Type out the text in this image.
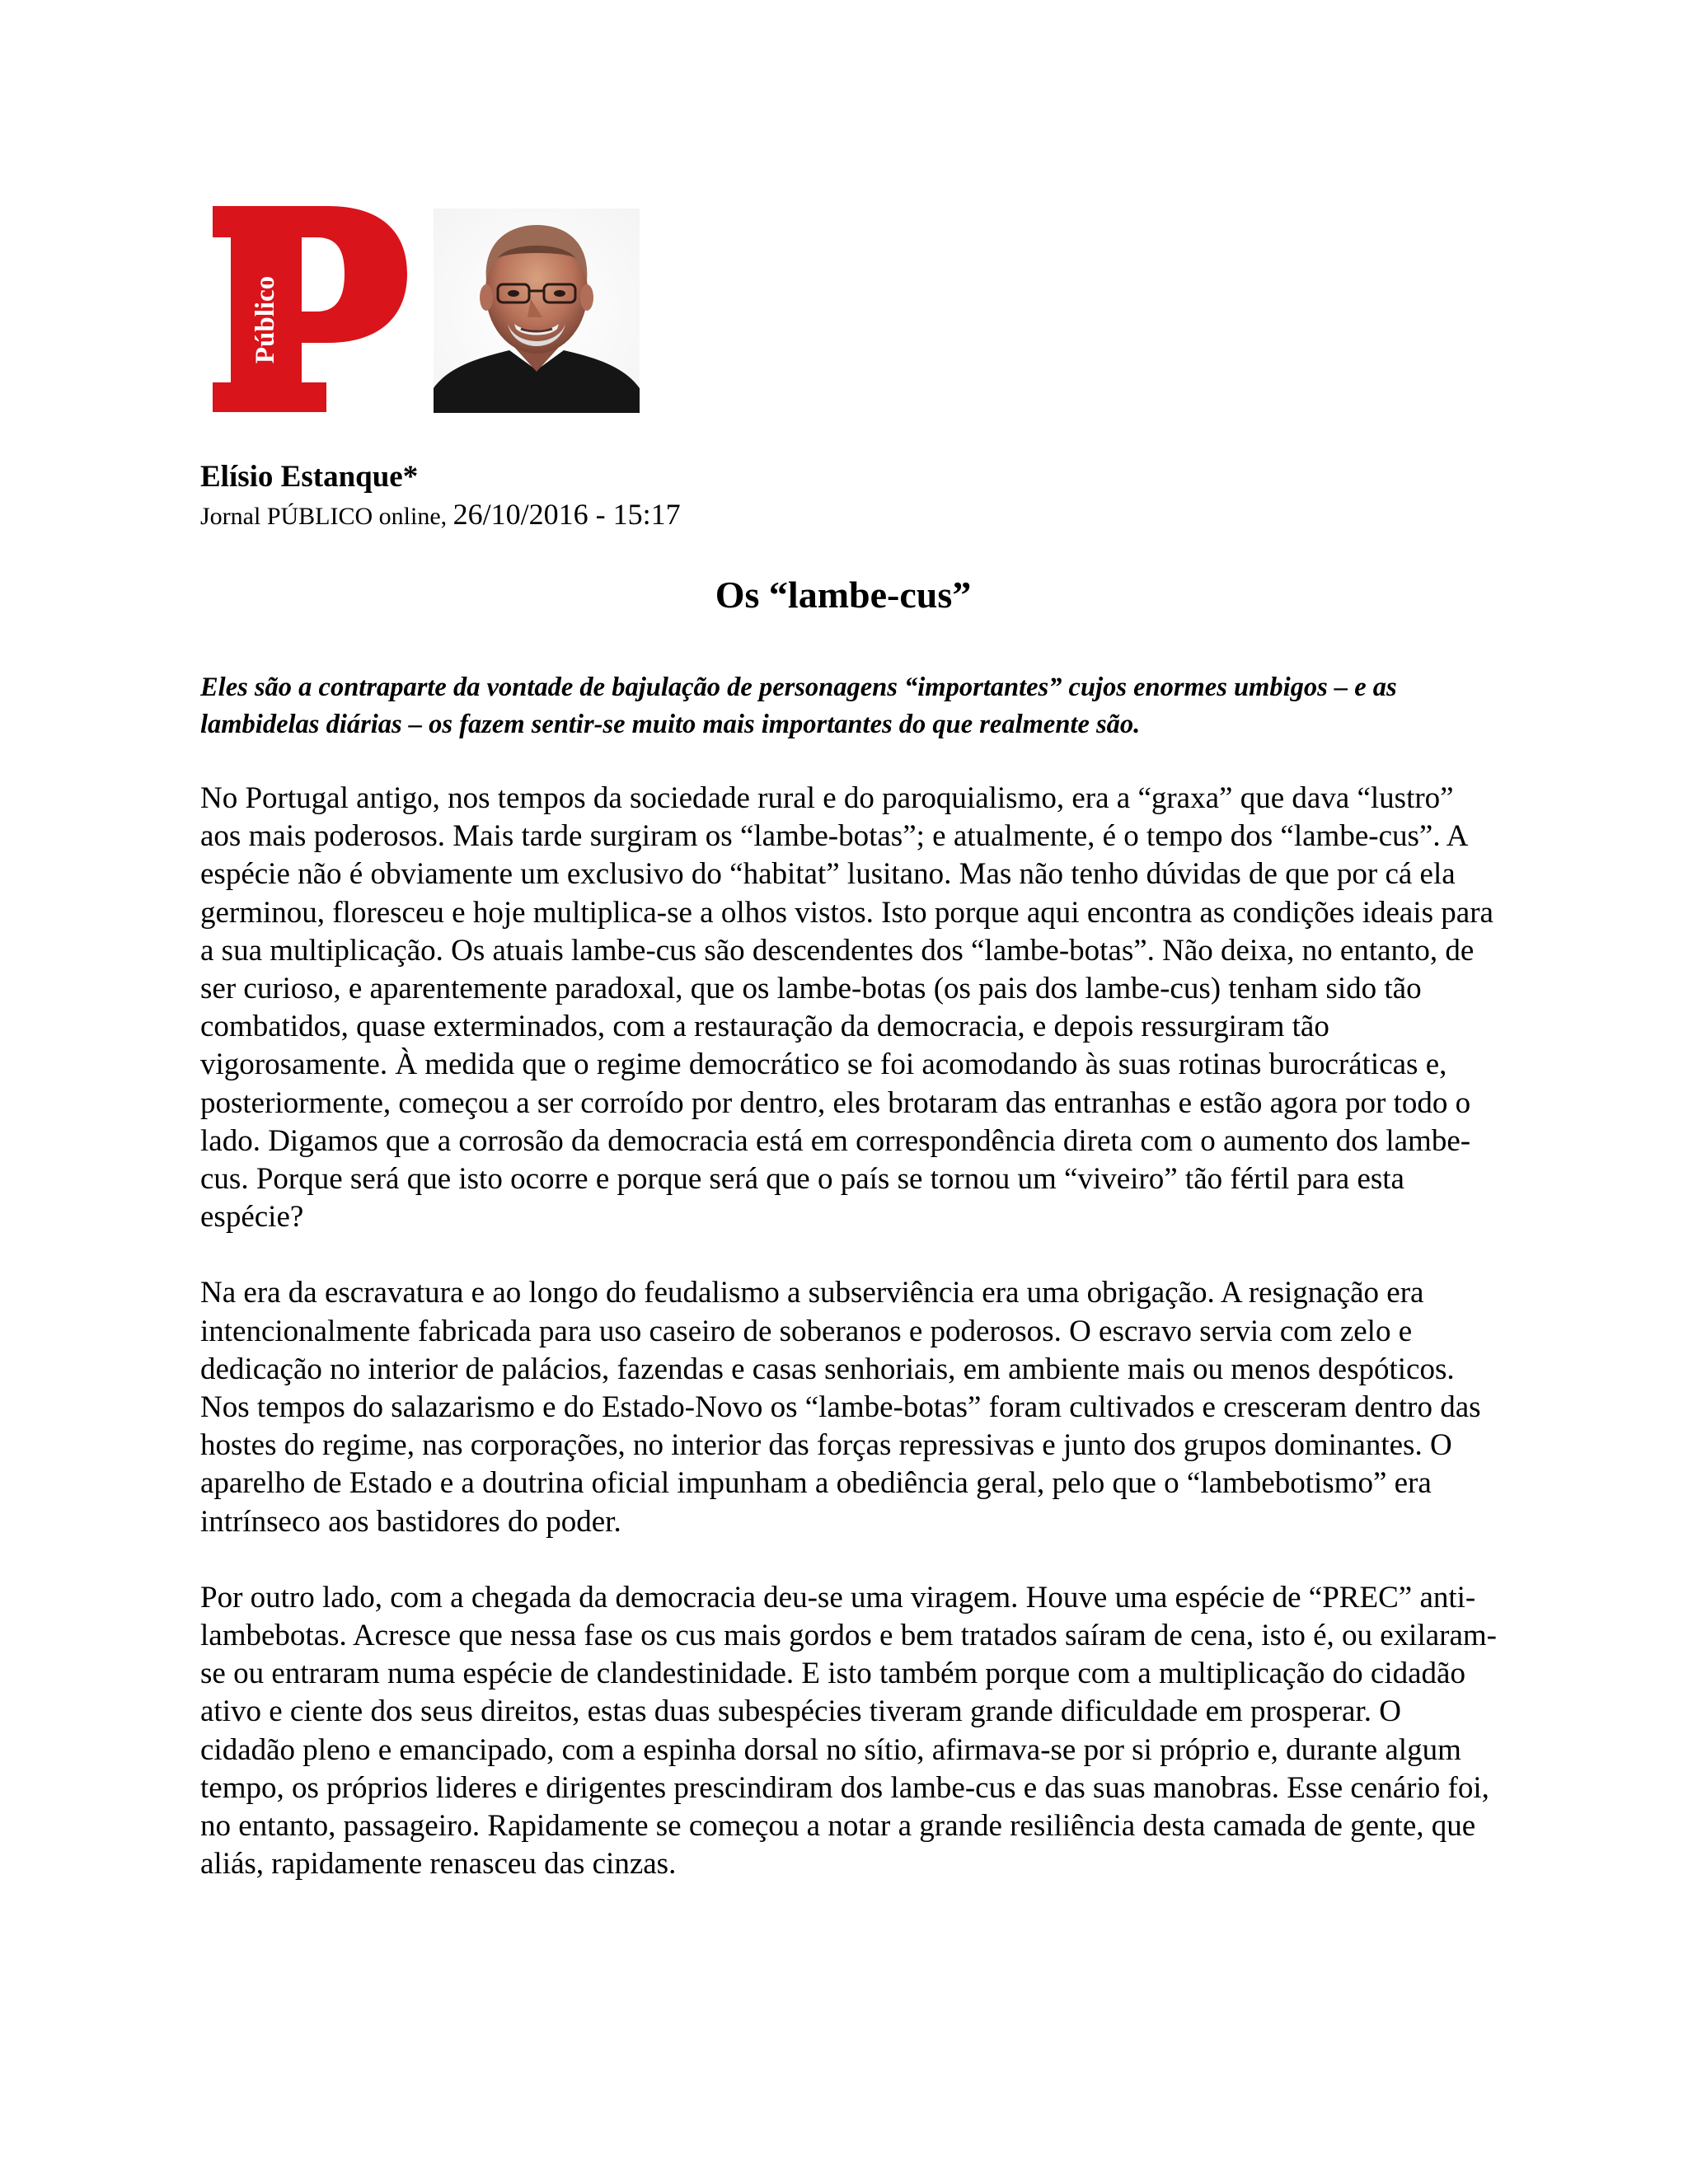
Público

Elísio Estanque*

Jornal PÚBLICO online, 26/10/2016 - 15:17

Os “lambe-cus”

Eles são a contraparte da vontade de bajulação de personagens “importantes” cujos enormes umbigos – e as lambidelas diárias – os fazem sentir-se muito mais importantes do que realmente são.

No Portugal antigo, nos tempos da sociedade rural e do paroquialismo, era a “graxa” que dava “lustro” aos mais poderosos. Mais tarde surgiram os “lambe-botas”; e atualmente, é o tempo dos “lambe-cus”. A espécie não é obviamente um exclusivo do “habitat” lusitano. Mas não tenho dúvidas de que por cá ela germinou, floresceu e hoje multiplica-se a olhos vistos. Isto porque aqui encontra as condições ideais para a sua multiplicação. Os atuais lambe-cus são descendentes dos “lambe-botas”. Não deixa, no entanto, de ser curioso, e aparentemente paradoxal, que os lambe-botas (os pais dos lambe-cus) tenham sido tão combatidos, quase exterminados, com a restauração da democracia, e depois ressurgiram tão vigorosamente. À medida que o regime democrático se foi acomodando às suas rotinas burocráticas e, posteriormente, começou a ser corroído por dentro, eles brotaram das entranhas e estão agora por todo o lado. Digamos que a corrosão da democracia está em correspondência direta com o aumento dos lambe-cus. Porque será que isto ocorre e porque será que o país se tornou um “viveiro” tão fértil para esta espécie?

Na era da escravatura e ao longo do feudalismo a subserviência era uma obrigação. A resignação era intencionalmente fabricada para uso caseiro de soberanos e poderosos. O escravo servia com zelo e dedicação no interior de palácios, fazendas e casas senhoriais, em ambiente mais ou menos despóticos. Nos tempos do salazarismo e do Estado-Novo os “lambe-botas” foram cultivados e cresceram dentro das hostes do regime, nas corporações, no interior das forças repressivas e junto dos grupos dominantes. O aparelho de Estado e a doutrina oficial impunham a obediência geral, pelo que o “lambebotismo” era intrínseco aos bastidores do poder.

Por outro lado, com a chegada da democracia deu-se uma viragem. Houve uma espécie de “PREC” anti-lambebotas. Acresce que nessa fase os cus mais gordos e bem tratados saíram de cena, isto é, ou exilaram-se ou entraram numa espécie de clandestinidade. E isto também porque com a multiplicação do cidadão ativo e ciente dos seus direitos, estas duas subespécies tiveram grande dificuldade em prosperar. O cidadão pleno e emancipado, com a espinha dorsal no sítio, afirmava-se por si próprio e, durante algum tempo, os próprios lideres e dirigentes prescindiram dos lambe-cus e das suas manobras. Esse cenário foi, no entanto, passageiro. Rapidamente se começou a notar a grande resiliência desta camada de gente, que aliás, rapidamente renasceu das cinzas.
